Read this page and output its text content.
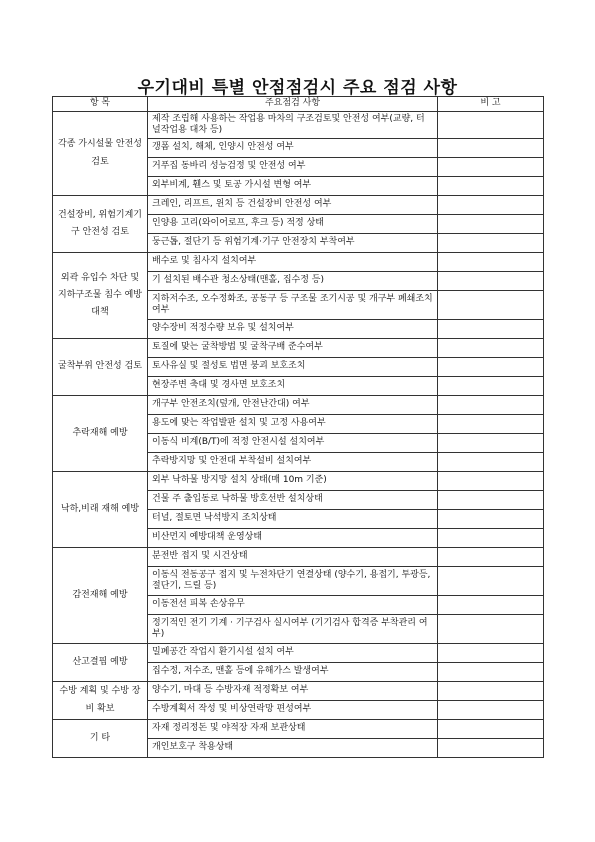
우기대비 특별 안점점검시 주요 점검 사항
항 목	주요점검 사항	비 고
각종 가시설물 안전성 검토	제작 조립해 사용하는 작업용 마차의 구조검토및 안전성 여부(교량, 터널작업용 대차 등)	
	갱폼 설치, 해체, 인양시 안전성 여부	
	거푸집 동바리 성능검정 및 안전성 여부	
	외부비계, 휀스 및 토공 가시설 변형 여부	
건설장비, 위험기계기구 안전성 검토	크레인, 리프트, 윈치 등 건설장비 안전성 여부	
	인양용 고리(와이어로프, 후크 등) 적정 상태	
	둥근톱, 절단기 등 위험기계·기구 안전장치 부착여부	
외곽 유입수 차단 및 지하구조물 침수 예방대책	배수로 및 침사지 설치여부	
	기 설치된 배수관 청소상태(맨홀, 집수정 등)	
	지하저수조, 오수정화조, 공동구 등 구조물 조기시공 및 개구부 폐쇄조치 여부	
	양수장비 적정수량 보유 및 설치여부	
굴착부위 안전성 검토	토질에 맞는 굴착방법 및 굴착구배 준수여부	
	토사유실 및 절성토 법면 붕괴 보호조치	
	현장주변 축대 및 경사면 보호조치	
추락재해 예방	개구부 안전조치(덮개, 안전난간대) 여부	
	용도에 맞는 작업발판 설치 및 고정 사용여부	
	이동식 비계(B/T)에 적정 안전시설 설치여부	
	추락방지망 및 안전대 부착설비 설치여부	
낙하,비래 재해 예방	외부 낙하물 방지망 설치 상태(매 10m 기준)	
	건물 주 출입동로 낙하물 방호선반 설치상태	
	터널, 절토면 낙석방지 조치상태	
	비산먼지 예방대책 운영상태	
감전재해 예방	분전반 접지 및 시건상태	
	이동식 전동공구 접지 및 누전차단기 연결상태 (양수기, 용접기, 투광등, 절단기, 드릴 등)	
	이동전선 피복 손상유무	
	정기적인 전기 기계 · 기구검사 실시여부 (기기검사 합격증 부착관리 여부)	
산고결핍 예방	밀폐공간 작업시 환기시설 설치 여부	
	집수정, 저수조, 맨홀 등에 유해가스 발생여부	
수방 계획 및 수방 장비 확보	양수기, 마대 등 수방자재 적정확보 여부	
	수방계획서 작성 및 비상연락망 편성여부	
기 타	자재 정리정돈 및 야적장 자재 보관상태	
	개인보호구 착용상태	
